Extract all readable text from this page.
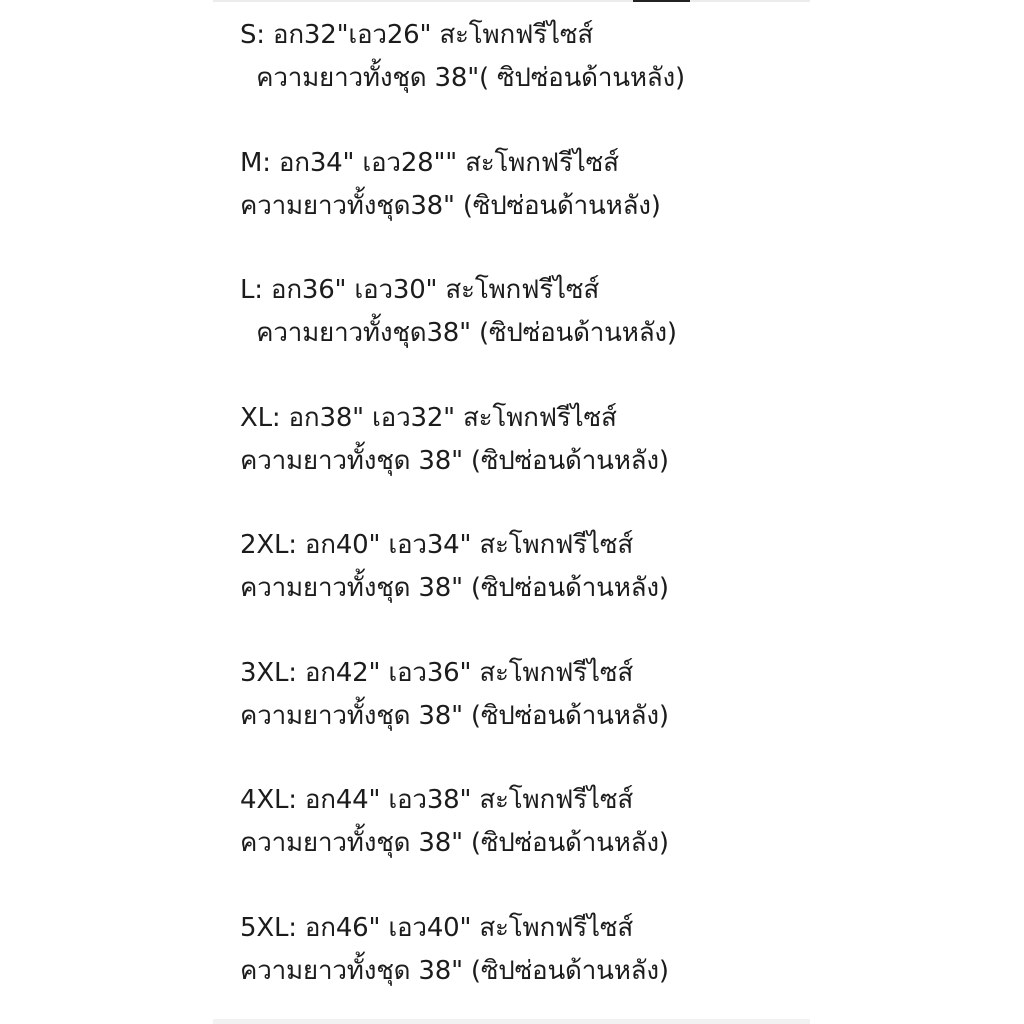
S: อก32"เอว26" สะโพกฟรีไซส์
ความยาวทั้งชุด 38"( ซิปซ่อนด้านหลัง)
M: อก34" เอว28"" สะโพกฟรีไซส์
ความยาวทั้งชุด38" (ซิปซ่อนด้านหลัง)
L: อก36" เอว30" สะโพกฟรีไซส์
ความยาวทั้งชุด38" (ซิปซ่อนด้านหลัง)
XL: อก38" เอว32" สะโพกฟรีไซส์
ความยาวทั้งชุด 38" (ซิปซ่อนด้านหลัง)
2XL: อก40" เอว34" สะโพกฟรีไซส์
ความยาวทั้งชุด 38" (ซิปซ่อนด้านหลัง)
3XL: อก42" เอว36" สะโพกฟรีไซส์
ความยาวทั้งชุด 38" (ซิปซ่อนด้านหลัง)
4XL: อก44" เอว38" สะโพกฟรีไซส์
ความยาวทั้งชุด 38" (ซิปซ่อนด้านหลัง)
5XL: อก46" เอว40" สะโพกฟรีไซส์
ความยาวทั้งชุด 38" (ซิปซ่อนด้านหลัง)
